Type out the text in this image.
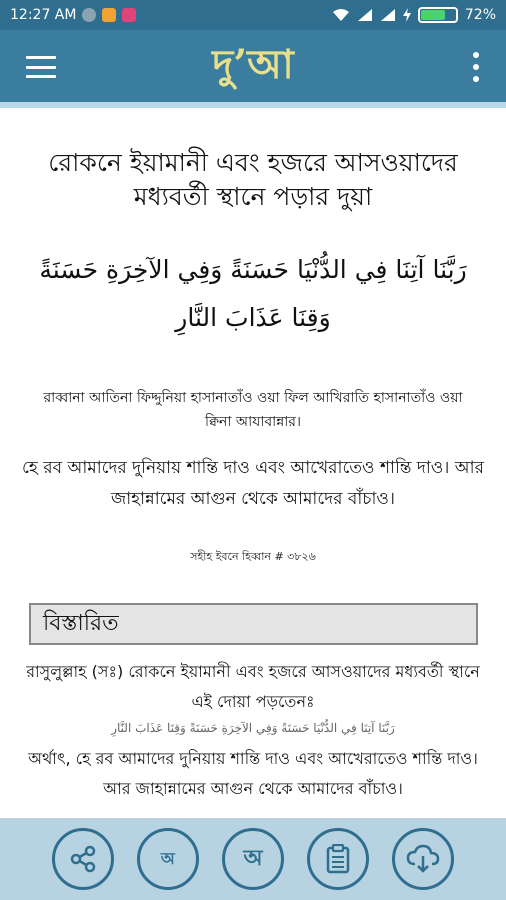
12:27 AM	72%
দু’আ
রোকনে ইয়ামানী এবং হজরে আসওয়াদের মধ্যবর্তী স্থানে পড়ার দুয়া
رَبَّنَا آتِنَا فِي الدُّنْيَا حَسَنَةً وَفِي الآخِرَةِ حَسَنَةً وَقِنَا عَذَابَ النَّارِ
রাব্বানা আতিনা ফিদ্দুনিয়া হাসানাতাঁও ওয়া ফিল আখিরাতি হাসানাতাঁও ওয়া ক্বিনা আযাবান্নার।
হে রব আমাদের দুনিয়ায় শান্তি দাও এবং আখেরাতেও শান্তি দাও। আর জাহান্নামের আগুন থেকে আমাদের বাঁচাও।
সহীহ ইবনে হিব্বান # ৩৮২৬
বিস্তারিত
রাসুলুল্লাহ (সঃ) রোকনে ইয়ামানী এবং হজরে আসওয়াদের মধ্যবর্তী স্থানে এই দোয়া পড়তেনঃ
رَبَّنَا آتِنَا فِي الدُّنْيَا حَسَنَةً وَفِي الآخِرَةِ حَسَنَةً وَقِنَا عَذَابَ النَّارِ
অর্থাৎ, হে রব আমাদের দুনিয়ায় শান্তি দাও এবং আখেরাতেও শান্তি দাও। আর জাহান্নামের আগুন থেকে আমাদের বাঁচাও।
অ	অ
